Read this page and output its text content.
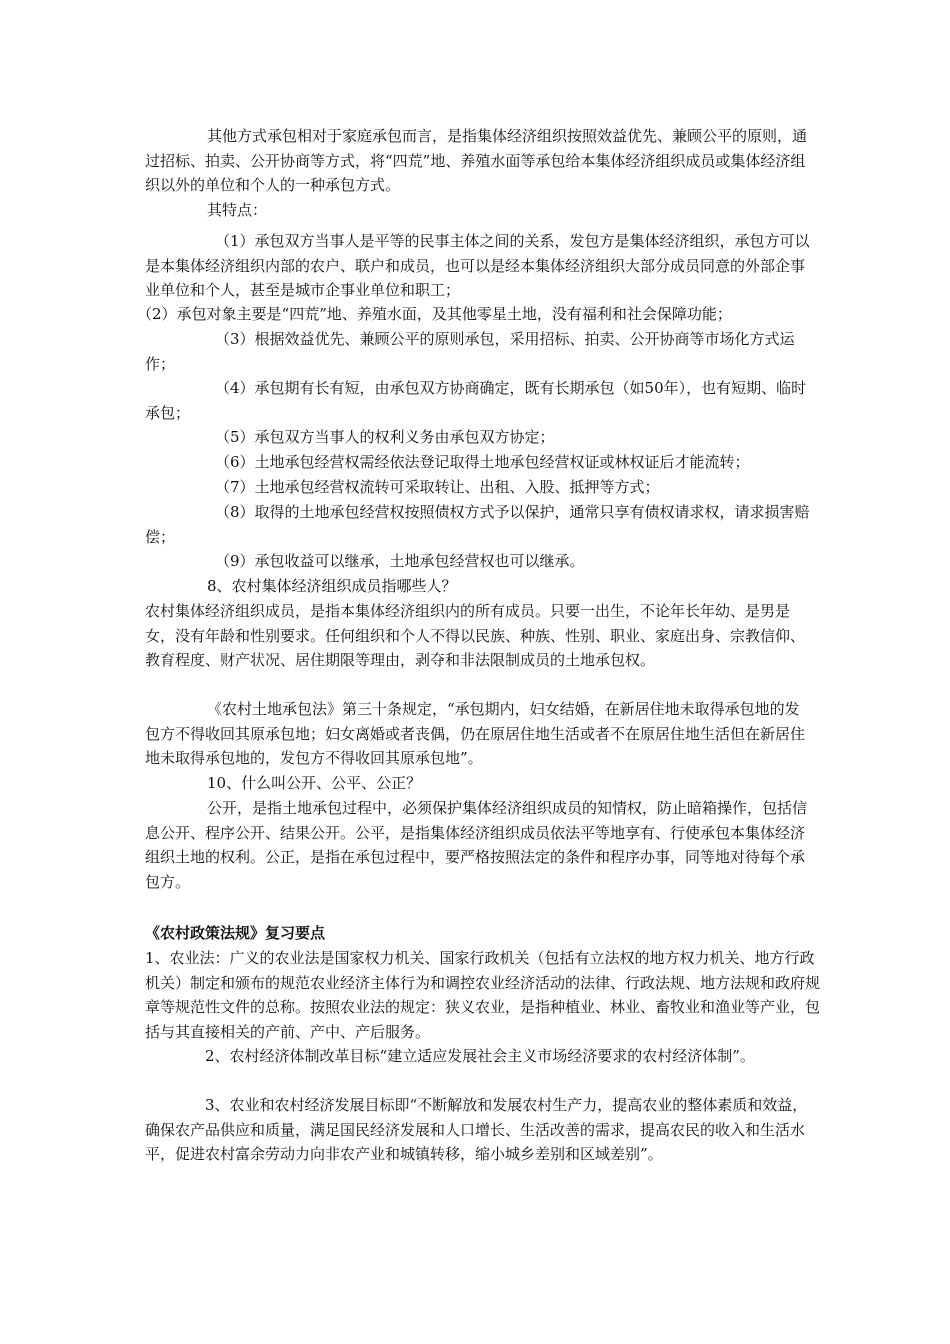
其他方式承包相对于家庭承包而言，是指集体经济组织按照效益优先、兼顾公平的原则，通过招标、拍卖、公开协商等方式，将“四荒”地、养殖水面等承包给本集体经济组织成员或集体经济组织以外的单位和个人的一种承包方式。

其特点：

（1）承包双方当事人是平等的民事主体之间的关系，发包方是集体经济组织，承包方可以是本集体经济组织内部的农户、联户和成员，也可以是经本集体经济组织大部分成员同意的外部企事业单位和个人，甚至是城市企事业单位和职工；

（2）承包对象主要是“四荒”地、养殖水面，及其他零星土地，没有福利和社会保障功能；

（3）根据效益优先、兼顾公平的原则承包，采用招标、拍卖、公开协商等市场化方式运作；

（4）承包期有长有短，由承包双方协商确定，既有长期承包（如50年），也有短期、临时承包；

（5）承包双方当事人的权利义务由承包双方协定；

（6）土地承包经营权需经依法登记取得土地承包经营权证或林权证后才能流转；

（7）土地承包经营权流转可采取转让、出租、入股、抵押等方式；

（8）取得的土地承包经营权按照债权方式予以保护，通常只享有债权请求权，请求损害赔偿；

（9）承包收益可以继承，土地承包经营权也可以继承。

8、农村集体经济组织成员指哪些人？

农村集体经济组织成员，是指本集体经济组织内的所有成员。只要一出生，不论年长年幼、是男是女，没有年龄和性别要求。任何组织和个人不得以民族、种族、性别、职业、家庭出身、宗教信仰、教育程度、财产状况、居住期限等理由，剥夺和非法限制成员的土地承包权。

《农村土地承包法》第三十条规定，“承包期内，妇女结婚，在新居住地未取得承包地的发包方不得收回其原承包地；妇女离婚或者丧偶，仍在原居住地生活或者不在原居住地生活但在新居住地未取得承包地的，发包方不得收回其原承包地”。

10、什么叫公开、公平、公正？

公开，是指土地承包过程中，必须保护集体经济组织成员的知情权，防止暗箱操作，包括信息公开、程序公开、结果公开。公平，是指集体经济组织成员依法平等地享有、行使承包本集体经济组织土地的权利。公正，是指在承包过程中，要严格按照法定的条件和程序办事，同等地对待每个承包方。

《农村政策法规》复习要点

1、农业法：广义的农业法是国家权力机关、国家行政机关（包括有立法权的地方权力机关、地方行政机关）制定和颁布的规范农业经济主体行为和调控农业经济活动的法律、行政法规、地方法规和政府规章等规范性文件的总称。按照农业法的规定：狭义农业，是指种植业、林业、畜牧业和渔业等产业，包括与其直接相关的产前、产中、产后服务。

2、农村经济体制改革目标“建立适应发展社会主义市场经济要求的农村经济体制”。

3、农业和农村经济发展目标即“不断解放和发展农村生产力，提高农业的整体素质和效益，确保农产品供应和质量，满足国民经济发展和人口增长、生活改善的需求，提高农民的收入和生活水平，促进农村富余劳动力向非农产业和城镇转移，缩小城乡差别和区域差别”。
